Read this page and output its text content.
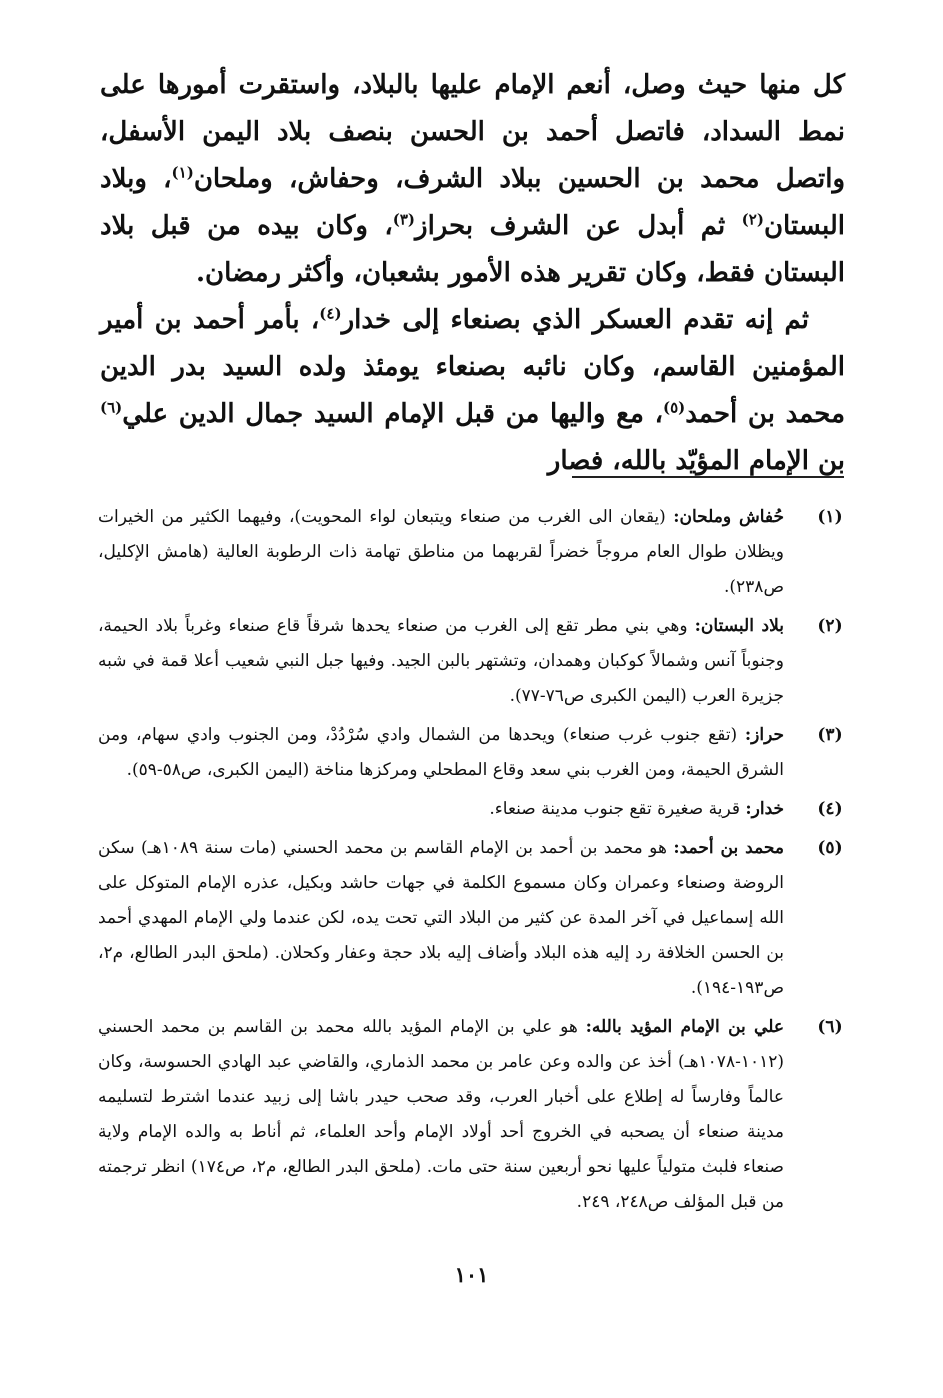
كل منها حيث وصل، أنعم الإمام عليها بالبلاد، واستقرت أمورها على نمط السداد، فاتصل أحمد بن الحسن بنصف بلاد اليمن الأسفل، واتصل محمد بن الحسين ببلاد الشرف، وحفاش، وملحان$^{(١)}$، وبلاد البستان$^{(٢)}$ ثم أبدل عن الشرف بحراز$^{(٣)}$، وكان بيده من قبل بلاد البستان فقط، وكان تقرير هذه الأمور بشعبان، وأكثر رمضان.

ثم إنه تقدم العسكر الذي بصنعاء إلى خدار$^{(٤)}$، بأمر أحمد بن أمير المؤمنين القاسم، وكان نائبه بصنعاء يومئذ ولده السيد بدر الدين محمد بن أحمد$^{(٥)}$، مع واليها من قبل الإمام السيد جمال الدين علي$^{(٦)}$ بن الإمام المؤيّد بالله، فصار

(١)
حُفاش وملحان: (يقعان الى الغرب من صنعاء ويتبعان لواء المحويت)، وفيهما الكثير من الخيرات ويظلان طوال العام مروجاً خضراً لقربهما من مناطق تهامة ذات الرطوبة العالية (هامش الإكليل، ص٢٣٨).
(٢)
بلاد البستان: وهي بني مطر تقع إلى الغرب من صنعاء يحدها شرقاً قاع صنعاء وغرباً بلاد الحيمة، وجنوباً آنس وشمالاً كوكبان وهمدان، وتشتهر بالبن الجيد. وفيها جبل النبي شعيب أعلا قمة في شبه جزيرة العرب (اليمن الكبرى ص٧٦-٧٧).
(٣)
حراز: (تقع جنوب غرب صنعاء) ويحدها من الشمال وادي سُرْدُدْ، ومن الجنوب وادي سهام، ومن الشرق الحيمة، ومن الغرب بني سعد وقاع المطحلي ومركزها مناخة (اليمن الكبرى، ص٥٨-٥٩).
(٤)
خدار: قرية صغيرة تقع جنوب مدينة صنعاء.
(٥)
محمد بن أحمد: هو محمد بن أحمد بن الإمام القاسم بن محمد الحسني (مات سنة ١٠٨٩هـ) سكن الروضة وصنعاء وعمران وكان مسموع الكلمة في جهات حاشد وبكيل، عذره الإمام المتوكل على الله إسماعيل في آخر المدة عن كثير من البلاد التي تحت يده، لكن عندما ولي الإمام المهدي أحمد بن الحسن الخلافة رد إليه هذه البلاد وأضاف إليه بلاد حجة وعفار وكحلان. (ملحق البدر الطالع، م٢، ص١٩٣-١٩٤).
(٦)
علي بن الإمام المؤيد بالله: هو علي بن الإمام المؤيد بالله محمد بن القاسم بن محمد الحسني (١٠١٢-١٠٧٨هـ) أخذ عن والده وعن عامر بن محمد الذماري، والقاضي عبد الهادي الحسوسة، وكان عالماً وفارساً له إطلاع على أخبار العرب، وقد صحب حيدر باشا إلى زبيد عندما اشترط لتسليمه مدينة صنعاء أن يصحبه في الخروج أحد أولاد الإمام وأحد العلماء، ثم أناط به والده الإمام ولاية صنعاء فلبث متولياً عليها نحو أربعين سنة حتى مات. (ملحق البدر الطالع، م٢، ص١٧٤) انظر ترجمته من قبل المؤلف ص٢٤٨، ٢٤٩.
١٠١
